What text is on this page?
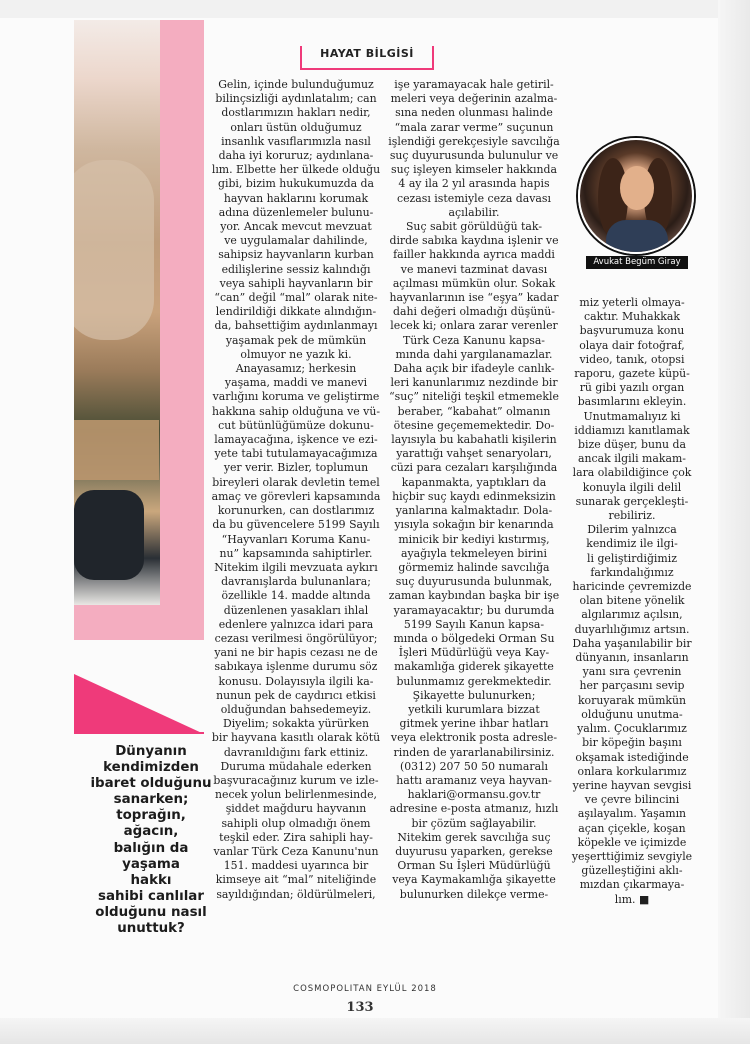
HAYAT BİLGİSİ
Gelin, içinde bulunduğumuz
bilinçsizliği aydınlatalım; can
dostlarımızın hakları nedir,
onları üstün olduğumuz
insanlık vasıflarımızla nasıl
daha iyi koruruz; aydınlana-
lım. Elbette her ülkede olduğu
gibi, bizim hukukumuzda da
hayvan haklarını korumak
adına düzenlemeler bulunu-
yor. Ancak mevcut mevzuat
ve uygulamalar dahilinde,
sahipsiz hayvanların kurban
edilişlerine sessiz kalındığı
veya sahipli hayvanların bir
“can” değil “mal” olarak nite-
lendirildiği dikkate alındığın-
da, bahsettiğim aydınlanmayı
yaşamak pek de mümkün
olmuyor ne yazık ki.
Anayasamız; herkesin
yaşama, maddi ve manevi
varlığını koruma ve geliştirme
hakkına sahip olduğuna ve vü-
cut bütünlüğümüze dokunu-
lamayacağına, işkence ve ezi-
yete tabi tutulamayacağımıza
yer verir. Bizler, toplumun
bireyleri olarak devletin temel
amaç ve görevleri kapsamında
korunurken, can dostlarımız
da bu güvencelere 5199 Sayılı
“Hayvanları Koruma Kanu-
nu” kapsamında sahiptirler.
Nitekim ilgili mevzuata aykırı
davranışlarda bulunanlara;
özellikle 14. madde altında
düzenlenen yasakları ihlal
edenlere yalnızca idari para
cezası verilmesi öngörülüyor;
yani ne bir hapis cezası ne de
sabıkaya işlenme durumu söz
konusu. Dolayısıyla ilgili ka-
nunun pek de caydırıcı etkisi
olduğundan bahsedemeyiz.
Diyelim; sokakta yürürken
bir hayvana kasıtlı olarak kötü
davranıldığını fark ettiniz.
Duruma müdahale ederken
başvuracağınız kurum ve izle-
necek yolun belirlenmesinde,
şiddet mağduru hayvanın
sahipli olup olmadığı önem
teşkil eder. Zira sahipli hay-
vanlar Türk Ceza Kanunu'nun
151. maddesi uyarınca bir
kimseye ait “mal” niteliğinde
sayıldığından; öldürülmeleri,
işe yaramayacak hale getiril-
meleri veya değerinin azalma-
sına neden olunması halinde
“mala zarar verme” suçunun
işlendiği gerekçesiyle savcılığa
suç duyurusunda bulunulur ve
suç işleyen kimseler hakkında
4 ay ila 2 yıl arasında hapis
cezası istemiyle ceza davası
açılabilir.
Suç sabit görüldüğü tak-
dirde sabıka kaydına işlenir ve
failler hakkında ayrıca maddi
ve manevi tazminat davası
açılması mümkün olur. Sokak
hayvanlarının ise “eşya” kadar
dahi değeri olmadığı düşünü-
lecek ki; onlara zarar verenler
Türk Ceza Kanunu kapsa-
mında dahi yargılanamazlar.
Daha açık bir ifadeyle canlık-
leri kanunlarımız nezdinde bir
“suç” niteliği teşkil etmemekle
beraber, “kabahat” olmanın
ötesine geçememektedir. Do-
layısıyla bu kabahatli kişilerin
yarattığı vahşet senaryoları,
cüzi para cezaları karşılığında
kapanmakta, yaptıkları da
hiçbir suç kaydı edinmeksizin
yanlarına kalmaktadır. Dola-
yısıyla sokağın bir kenarında
minicik bir kediyi kıstırmış,
ayağıyla tekmeleyen birini
görmemiz halinde savcılığa
suç duyurusunda bulunmak,
zaman kaybından başka bir işe
yaramayacaktır; bu durumda
5199 Sayılı Kanun kapsa-
mında o bölgedeki Orman Su
İşleri Müdürlüğü veya Kay-
makamlığa giderek şikayette
bulunmamız gerekmektedir.
Şikayette bulunurken;
yetkili kurumlara bizzat
gitmek yerine ihbar hatları
veya elektronik posta adresle-
rinden de yararlanabilirsiniz.
(0312) 207 50 50 numaralı
hattı aramanız veya hayvan-
haklari@ormansu.gov.tr
adresine e-posta atmanız, hızlı
bir çözüm sağlayabilir.
Nitekim gerek savcılığa suç
duyurusu yaparken, gerekse
Orman Su İşleri Müdürlüğü
veya Kaymakamlığa şikayette
bulunurken dilekçe verme-
miz yeterli olmaya-
caktır. Muhakkak
başvurumuza konu
olaya dair fotoğraf,
video, tanık, otopsi
raporu, gazete küpü-
rü gibi yazılı organ
basımlarını ekleyin.
Unutmamalıyız ki
iddiamızı kanıtlamak
bize düşer, bunu da
ancak ilgili makam-
lara olabildiğince çok
konuyla ilgili delil
sunarak gerçekleşti-
rebiliriz.
Dilerim yalnızca
kendimiz ile ilgi-
li geliştirdiğimiz
farkındalığımız
haricinde çevremizde
olan bitene yönelik
algılarımız açılsın,
duyarlılığımız artsın.
Daha yaşanılabilir bir
dünyanın, insanların
yanı sıra çevrenin
her parçasını sevip
koruyarak mümkün
olduğunu unutma-
yalım. Çocuklarımız
bir köpeğin başını
okşamak istediğinde
onlara korkularımız
yerine hayvan sevgisi
ve çevre bilincini
aşılayalım. Yaşamın
açan çiçekle, koşan
köpekle ve içimizde
yeşerttiğimiz sevgiyle
güzelleştiğini aklı-
mızdan çıkarmaya-
lım. ■
Avukat Begüm Giray
Dünyanın
kendimizden
ibaret olduğunu
sanarken;
toprağın, ağacın,
balığın da yaşama
hakkı
sahibi canlılar
olduğunu nasıl
unuttuk?
COSMOPOLITAN EYLÜL 2018
133
